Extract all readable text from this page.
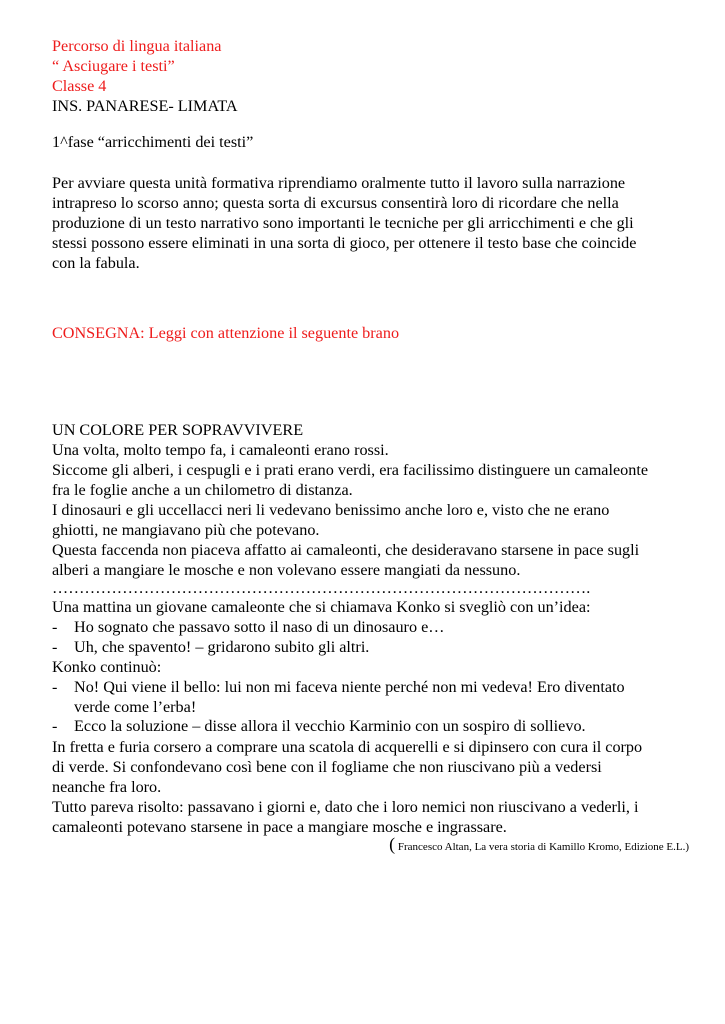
Percorso di lingua italiana
“ Asciugare i testi”
Classe 4
INS. PANARESE- LIMATA
1^fase “arricchimenti dei testi”
Per avviare questa unità formativa riprendiamo oralmente tutto il lavoro sulla narrazione
intrapreso lo scorso anno; questa sorta di excursus consentirà loro di ricordare che nella
produzione di un testo narrativo sono importanti le tecniche per gli arricchimenti e che gli
stessi possono essere eliminati in una sorta di gioco, per ottenere il testo base che coincide
con la fabula.
CONSEGNA: Leggi con attenzione il seguente brano
UN COLORE PER SOPRAVVIVERE
Una volta, molto tempo fa, i camaleonti erano rossi.
Siccome gli alberi, i cespugli e i prati erano verdi, era facilissimo distinguere un camaleonte
fra le foglie anche a un chilometro di distanza.
I dinosauri e gli uccellacci neri li vedevano benissimo anche loro e, visto che ne erano
ghiotti, ne mangiavano più che potevano.
Questa faccenda non piaceva affatto ai camaleonti, che desideravano starsene in pace sugli
alberi a mangiare le mosche e non volevano essere mangiati da nessuno.
……………………………………………………………………………………….
Una mattina un giovane camaleonte che si chiamava Konko si svegliò con un’idea:
- Ho sognato che passavo sotto il naso di un dinosauro e…
- Uh, che spavento! – gridarono subito gli altri.
Konko continuò:
- No! Qui viene il bello: lui non mi faceva niente perché non mi vedeva! Ero diventato
verde come l’erba!
- Ecco la soluzione – disse allora il vecchio Karminio con un sospiro di sollievo.
In fretta e furia corsero a comprare una scatola di acquerelli e si dipinsero con cura il corpo
di verde. Si confondevano così bene con il fogliame che non riuscivano più a vedersi
neanche fra loro.
Tutto pareva risolto: passavano i giorni e, dato che i loro nemici non riuscivano a vederli, i
camaleonti potevano starsene in pace a mangiare mosche e ingrassare.
( Francesco Altan, La vera storia di Kamillo Kromo, Edizione E.L.)
